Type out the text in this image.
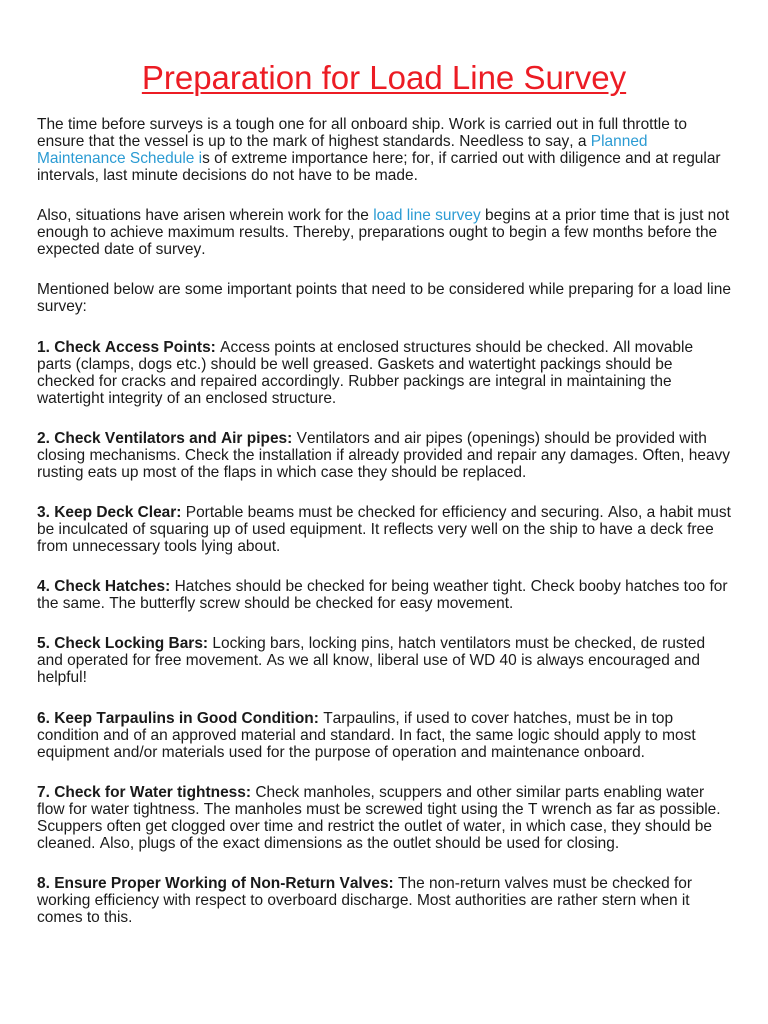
Preparation for Load Line Survey

The time before surveys is a tough one for all onboard ship. Work is carried out in full throttle to
ensure that the vessel is up to the mark of highest standards. Needless to say, a Planned
Maintenance Schedule is of extreme importance here; for, if carried out with diligence and at regular
intervals, last minute decisions do not have to be made.

Also, situations have arisen wherein work for the load line survey begins at a prior time that is just not
enough to achieve maximum results. Thereby, preparations ought to begin a few months before the
expected date of survey.

Mentioned below are some important points that need to be considered while preparing for a load line
survey:

1. Check Access Points: Access points at enclosed structures should be checked. All movable
parts (clamps, dogs etc.) should be well greased. Gaskets and watertight packings should be
checked for cracks and repaired accordingly. Rubber packings are integral in maintaining the
watertight integrity of an enclosed structure.

2. Check Ventilators and Air pipes: Ventilators and air pipes (openings) should be provided with
closing mechanisms. Check the installation if already provided and repair any damages. Often, heavy
rusting eats up most of the flaps in which case they should be replaced.

3. Keep Deck Clear: Portable beams must be checked for efficiency and securing. Also, a habit must
be inculcated of squaring up of used equipment. It reflects very well on the ship to have a deck free
from unnecessary tools lying about.

4. Check Hatches: Hatches should be checked for being weather tight. Check booby hatches too for
the same. The butterfly screw should be checked for easy movement.

5. Check Locking Bars: Locking bars, locking pins, hatch ventilators must be checked, de rusted
and operated for free movement. As we all know, liberal use of WD 40 is always encouraged and
helpful!

6. Keep Tarpaulins in Good Condition: Tarpaulins, if used to cover hatches, must be in top
condition and of an approved material and standard. In fact, the same logic should apply to most
equipment and/or materials used for the purpose of operation and maintenance onboard.

7. Check for Water tightness: Check manholes, scuppers and other similar parts enabling water
flow for water tightness. The manholes must be screwed tight using the T wrench as far as possible.
Scuppers often get clogged over time and restrict the outlet of water, in which case, they should be
cleaned. Also, plugs of the exact dimensions as the outlet should be used for closing.

8. Ensure Proper Working of Non-Return Valves: The non-return valves must be checked for
working efficiency with respect to overboard discharge. Most authorities are rather stern when it
comes to this.
